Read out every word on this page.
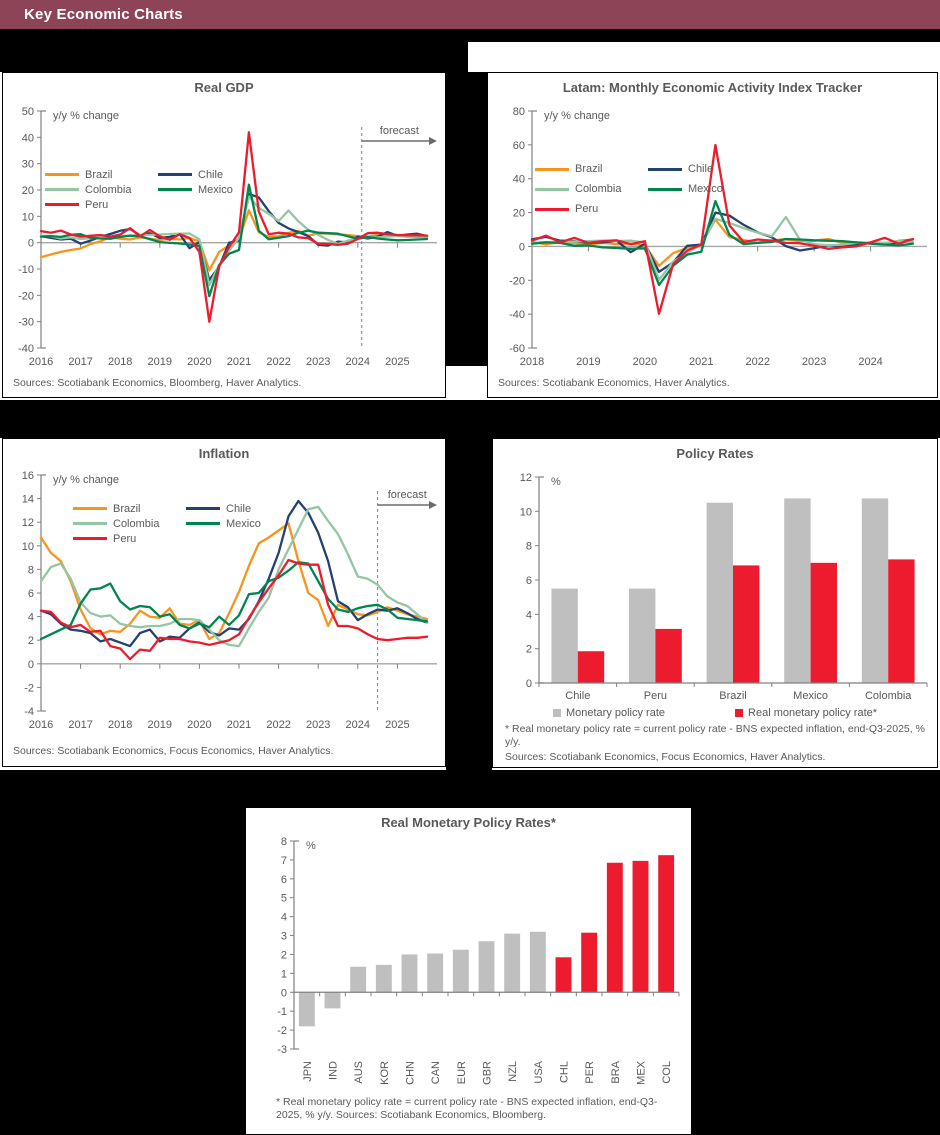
Key Economic Charts
Real GDP
-40
-30
-20
-10
0
10
20
30
40
50 y/y % change
2016 2017 2018 2019 2020 2021 2022 2023 2024 2025
forecast
Brazil
Colombia
Peru
Chile
Mexico
Sources: Scotiabank Economics, Bloomberg, Haver Analytics.
Latam: Monthly Economic Activity Index Tracker
-60
-40
-20
0
20
40
60
80 y/y % change
2018	2019	2020	2021	2022	2023	2024
Brazil
Colombia
Peru
Chile
Mexico
Sources: Scotiabank Economics, Haver Analytics.
Inflation
-4
-2
0
2
4
6
8
10
12
14
16 y/y % change
2016 2017 2018 2019 2020 2021 2022 2023 2024 2025
forecast
Brazil
Colombia
Peru
Chile
Mexico
Sources: Scotiabank Economics, Focus Economics, Haver Analytics.
Policy Rates
0
2
4
6
8
10
12 %
Chile	Peru	Brazil	Mexico	Colombia
Monetary policy rate	Real monetary policy rate*
* Real monetary policy rate = current policy rate - BNS expected inflation, end-Q3-2025, % y/y.
Sources: Scotiabank Economics, Focus Economics, Haver Analytics.
Real Monetary Policy Rates*
-3
-2
-1
0
1
2
3
4
5
6
7
8 %
JPN IND AUS KOR CHN CAN EUR GBR NZL USA CHL PER BRA MEX COL
* Real monetary policy rate = current policy rate - BNS expected inflation, end-Q3-2025, % y/y. Sources: Scotiabank Economics, Bloomberg.
